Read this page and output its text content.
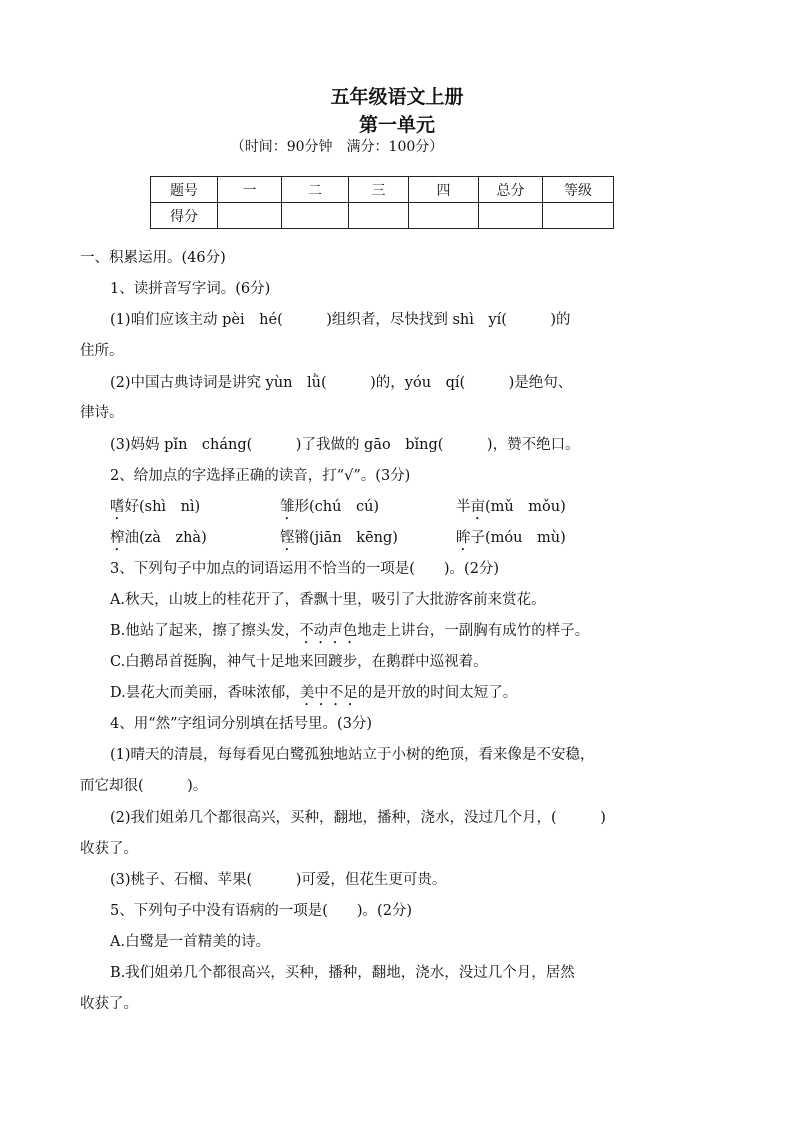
五年级语文上册
第一单元
（时间：90分钟　满分：100分）
题号	一	二	三	四	总分	等级
得分						
一、积累运用。(46分)
1、读拼音写字词。(6分)
(1)咱们应该主动 pèi　hé(　　　)组织者，尽快找到 shì　yí(　　　)的
住所。
(2)中国古典诗词是讲究 yùn　lǜ(　　　)的，yóu　qí(　　　)是绝句、
律诗。
(3)妈妈 pǐn　cháng(　　　)了我做的 gāo　bǐng(　　　)，赞不绝口。
2、给加点的字选择正确的读音，打“√”。(3分)
嗜好(shì　nì)	雏形(chú　cú)	半亩(mǔ　mǒu)
榨油(zà　zhà)	铿锵(jiān　kēng)	眸子(móu　mù)
3、下列句子中加点的词语运用不恰当的一项是(　　)。(2分)
A.秋天，山坡上的桂花开了，香飘十里，吸引了大批游客前来赏花。
B.他站了起来，擦了擦头发，不动声色地走上讲台，一副胸有成竹的样子。
C.白鹅昂首挺胸，神气十足地来回踱步，在鹅群中巡视着。
D.昙花大而美丽，香味浓郁，美中不足的是开放的时间太短了。
4、用“然”字组词分别填在括号里。(3分)
(1)晴天的清晨，每每看见白鹭孤独地站立于小树的绝顶，看来像是不安稳，
而它却很(　　　)。
(2)我们姐弟几个都很高兴，买种，翻地，播种，浇水，没过几个月，(　　　)
收获了。
(3)桃子、石榴、苹果(　　　)可爱，但花生更可贵。
5、下列句子中没有语病的一项是(　　)。(2分)
A.白鹭是一首精美的诗。
B.我们姐弟几个都很高兴，买种，播种，翻地，浇水，没过几个月，居然
收获了。
